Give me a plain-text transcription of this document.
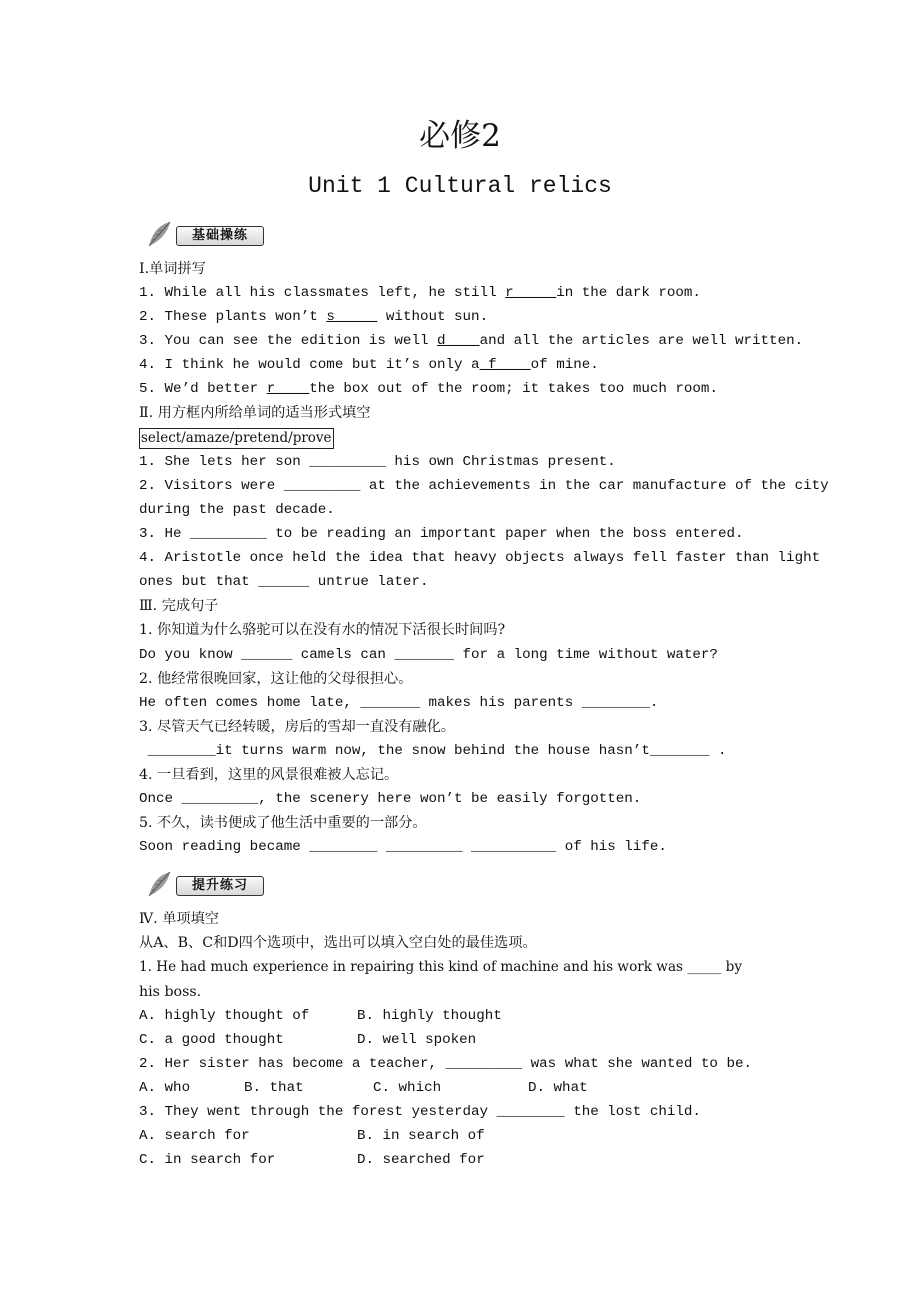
必修2
Unit 1 Cultural relics
基础操练

Ⅰ.单词拼写

1. While all his classmates left, he still r_____in the dark room.

2. These plants won’t s_____ without sun.

3. You can see the edition is well d____and all the articles are well written.

4. I think he would come but it’s only a_f____of mine.

5. We’d better r____the box out of the room; it takes too much room.

Ⅱ. 用方框内所给单词的适当形式填空

select/amaze/pretend/prove

1. She lets her son _________ his own Christmas present.

2. Visitors were _________ at the achievements in the car manufacture of the city

during the past decade.

3. He _________ to be reading an important paper when the boss entered.

4. Aristotle once held the idea that heavy objects always fell faster than light

ones but that ______ untrue later.

Ⅲ. 完成句子

1. 你知道为什么骆驼可以在没有水的情况下活很长时间吗?

Do you know ______ camels can _______ for a long time without water?

2. 他经常很晚回家，这让他的父母很担心。

He often comes home late, _______ makes his parents ________.

3. 尽管天气已经转暖，房后的雪却一直没有融化。

________it turns warm now, the snow behind the house hasn’t_______ .

4. 一旦看到，这里的风景很难被人忘记。

Once _________, the scenery here won’t be easily forgotten.

5. 不久，读书便成了他生活中重要的一部分。

Soon reading became ________ _________ __________ of his life.

提升练习

Ⅳ. 单项填空

从A、B、C和D四个选项中，选出可以填入空白处的最佳选项。

1. He had much experience in repairing this kind of machine and his work was _____ by

his boss.

A. highly thought of	B. highly thought

C. a good thought	D. well spoken

2. Her sister has become a teacher, _________ was what she wanted to be.

A. who	B. that	C. which	D. what

3. They went through the forest yesterday ________ the lost child.

A. search for	B. in search of

C. in search for	D. searched for
